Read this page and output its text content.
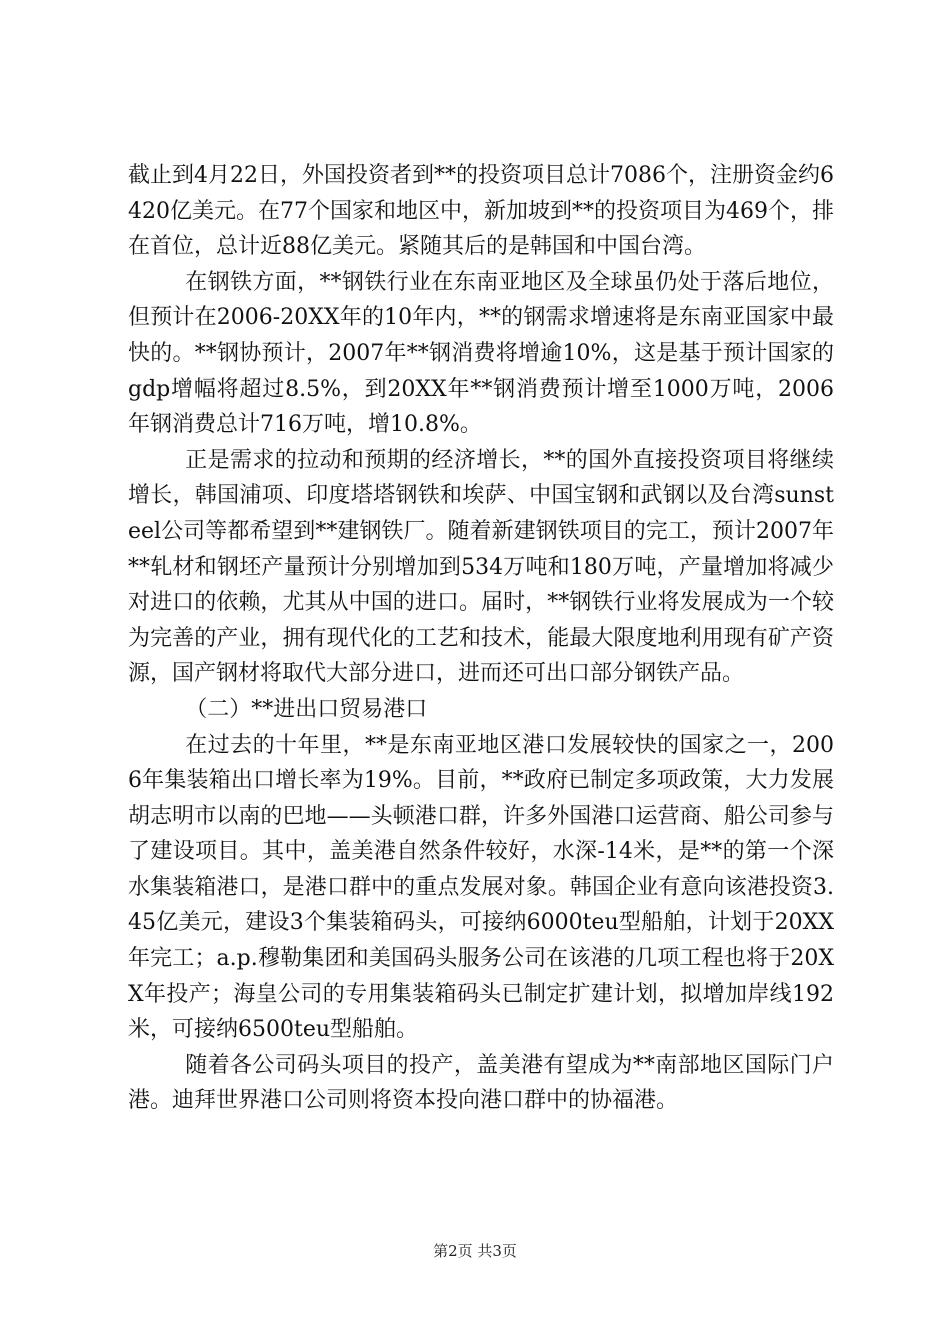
截止到4月22日，外国投资者到**的投资项目总计7086个，注册资金约6420亿美元。在77个国家和地区中，新加坡到**的投资项目为469个，排在首位，总计近88亿美元。紧随其后的是韩国和中国台湾。

在钢铁方面，**钢铁行业在东南亚地区及全球虽仍处于落后地位，但预计在2006-20XX年的10年内，**的钢需求增速将是东南亚国家中最快的。**钢协预计，2007年**钢消费将增逾10%，这是基于预计国家的gdp增幅将超过8.5%，到20XX年**钢消费预计增至1000万吨，2006年钢消费总计716万吨，增10.8%。

正是需求的拉动和预期的经济增长，**的国外直接投资项目将继续增长，韩国浦项、印度塔塔钢铁和埃萨、中国宝钢和武钢以及台湾sunsteel公司等都希望到**建钢铁厂。随着新建钢铁项目的完工，预计2007年**轧材和钢坯产量预计分别增加到534万吨和180万吨，产量增加将减少对进口的依赖，尤其从中国的进口。届时，**钢铁行业将发展成为一个较为完善的产业，拥有现代化的工艺和技术，能最大限度地利用现有矿产资源，国产钢材将取代大部分进口，进而还可出口部分钢铁产品。

（二）**进出口贸易港口

在过去的十年里，**是东南亚地区港口发展较快的国家之一，2006年集装箱出口增长率为19%。目前，**政府已制定多项政策，大力发展胡志明市以南的巴地——头顿港口群，许多外国港口运营商、船公司参与了建设项目。其中，盖美港自然条件较好，水深-14米，是**的第一个深水集装箱港口，是港口群中的重点发展对象。韩国企业有意向该港投资3.45亿美元，建设3个集装箱码头，可接纳6000teu型船舶，计划于20XX年完工；a.p.穆勒集团和美国码头服务公司在该港的几项工程也将于20XX年投产；海皇公司的专用集装箱码头已制定扩建计划，拟增加岸线192米，可接纳6500teu型船舶。

随着各公司码头项目的投产，盖美港有望成为**南部地区国际门户港。迪拜世界港口公司则将资本投向港口群中的协福港。

第2页 共3页
